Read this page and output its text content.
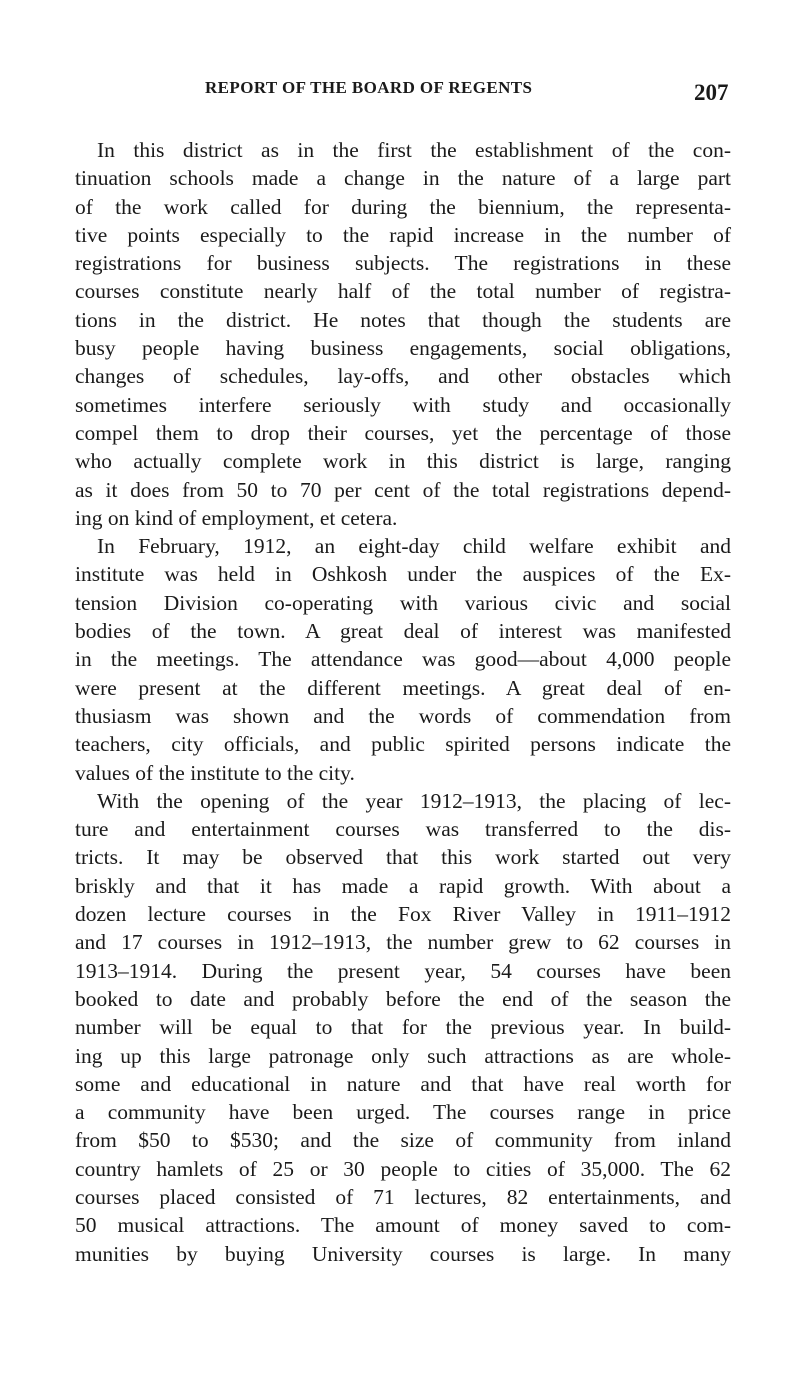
REPORT OF THE BOARD OF REGENTS	207
In this district as in the first the establishment of the con-
tinuation schools made a change in the nature of a large part
of the work called for during the biennium, the representa-
tive points especially to the rapid increase in the number of
registrations for business subjects. The registrations in these
courses constitute nearly half of the total number of registra-
tions in the district. He notes that though the students are
busy people having business engagements, social obligations,
changes of schedules, lay-offs, and other obstacles which
sometimes interfere seriously with study and occasionally
compel them to drop their courses, yet the percentage of those
who actually complete work in this district is large, ranging
as it does from 50 to 70 per cent of the total registrations depend-
ing on kind of employment, et cetera.
In February, 1912, an eight-day child welfare exhibit and
institute was held in Oshkosh under the auspices of the Ex-
tension Division co-operating with various civic and social
bodies of the town. A great deal of interest was manifested
in the meetings. The attendance was good—about 4,000 people
were present at the different meetings. A great deal of en-
thusiasm was shown and the words of commendation from
teachers, city officials, and public spirited persons indicate the
values of the institute to the city.
With the opening of the year 1912–1913, the placing of lec-
ture and entertainment courses was transferred to the dis-
tricts. It may be observed that this work started out very
briskly and that it has made a rapid growth. With about a
dozen lecture courses in the Fox River Valley in 1911–1912
and 17 courses in 1912–1913, the number grew to 62 courses in
1913–1914. During the present year, 54 courses have been
booked to date and probably before the end of the season the
number will be equal to that for the previous year. In build-
ing up this large patronage only such attractions as are whole-
some and educational in nature and that have real worth for
a community have been urged. The courses range in price
from $50 to $530; and the size of community from inland
country hamlets of 25 or 30 people to cities of 35,000. The 62
courses placed consisted of 71 lectures, 82 entertainments, and
50 musical attractions. The amount of money saved to com-
munities by buying University courses is large. In many
